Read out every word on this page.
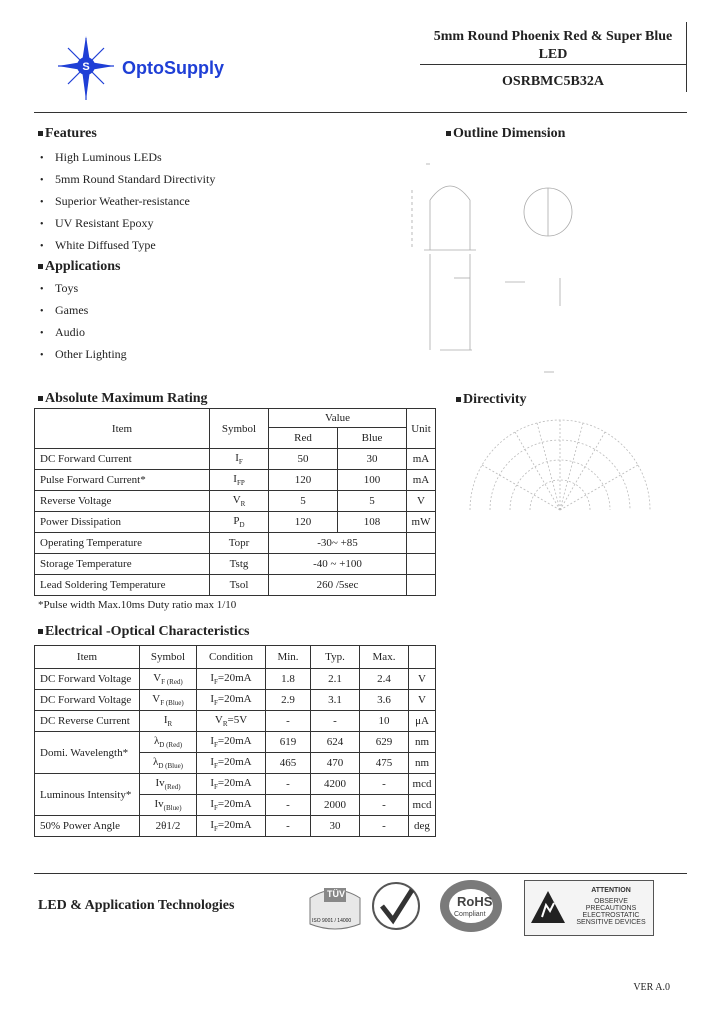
S OptoSupply
5mm Round Phoenix Red & Super Blue
LED
OSRBMC5B32A
Features
• High Luminous LEDs
• 5mm Round Standard Directivity
• Superior Weather-resistance
• UV Resistant Epoxy
• White Diffused Type
Applications
• Toys
• Games
• Audio
• Other Lighting
Outline Dimension
Absolute Maximum Rating
Item	Symbol	Value		Unit
		Red	Blue	
DC Forward Current	$I_F$	50	30	mA
Pulse Forward Current*	$I_{FP}$	120	100	mA
Reverse Voltage	$V_R$	5	5	V
Power Dissipation	$P_D$	120	108	mW
Operating Temperature	Topr	-30~ +85		
Storage Temperature	Tstg	-40 ~ +100		
Lead Soldering Temperature	Tsol	260 /5sec		
*Pulse width Max.10ms Duty ratio max 1/10
Directivity
Electrical -Optical Characteristics
Item	Symbol	Condition	Min.	Typ.	Max.	
DC Forward Voltage	$V_{F (Red)}$	$I_F=20mA$	1.8	2.1	2.4	V
DC Forward Voltage	$V_{F (Blue)}$	$I_F=20mA$	2.9	3.1	3.6	V
DC Reverse Current	$I_R$	$V_R=5V$	-	-	10	μA
Domi. Wavelength*	$\lambda_{D (Red)}$	$I_F=20mA$	619	624	629	nm
	$\lambda_{D (Blue)}$	$I_F=20mA$	465	470	475	nm
Luminous Intensity*	$Iv_{(Red)}$	$I_F=20mA$	-	4200	-	mcd
	$Iv_{(Blue)}$	$I_F=20mA$	-	2000	-	mcd
50% Power Angle	2θ1/2	$I_F=20mA$	-	30	-	deg
LED & Application Technologies
TÜV
ISO 9001 / 14000
RoHS
Compliant
ATTENTION
OBSERVE PRECAUTIONS
ELECTROSTATIC
SENSITIVE DEVICES
VER A.0
